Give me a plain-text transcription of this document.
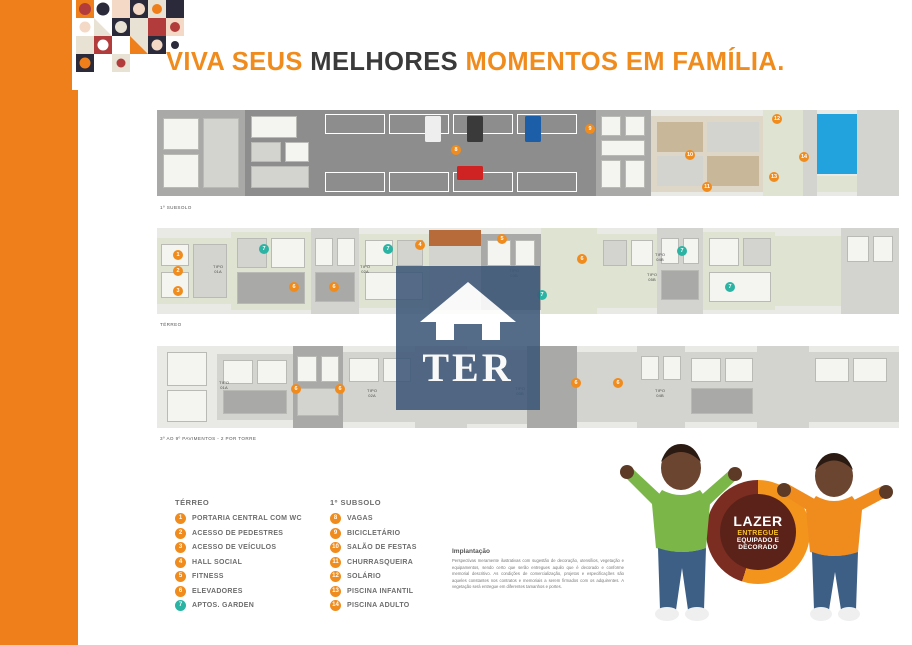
VIVA SEUS MELHORES MOMENTOS EM FAMÍLIA.
8
9
10
11
12
13
14
1º SUBSOLO
TIPO
01A
TIPO
02A

TIPO
04B
TIPO
05B
1
2
3
4
5
6	6
6
7	7
7
7
7
TÉRREO
TIPO
01A
TIPO
02A

TIPO
04B
6	6
6	6
3º AO 9º PAVIMENTOS - 2 POR TORRE
TER
TÉRREO
1	PORTARIA CENTRAL COM WC
2	ACESSO DE PEDESTRES
3	ACESSO DE VEÍCULOS
4	HALL SOCIAL
5	FITNESS
6	ELEVADORES
7	APTOS. GARDEN
1º SUBSOLO
8	VAGAS
9	BICICLETÁRIO
10	SALÃO DE FESTAS
11	CHURRASQUEIRA
12	SOLÁRIO
13	PISCINA INFANTIL
14	PISCINA ADULTO
Implantação
Perspectivas meramente ilustrativas com sugestão de decoração, utensílios, vegetação e equipamentos, sendo certo que serão entregues aquilo que é decorado e conforme memorial descritivo. As condições de comercialização, projetos e especificações são aqueles constantes nos contratos e memoriais a serem firmados com os adquirentes. A vegetação será entregue em diferentes tamanhos e portes.
LAZER
ENTREGUE
EQUIPADO E
DECORADO
